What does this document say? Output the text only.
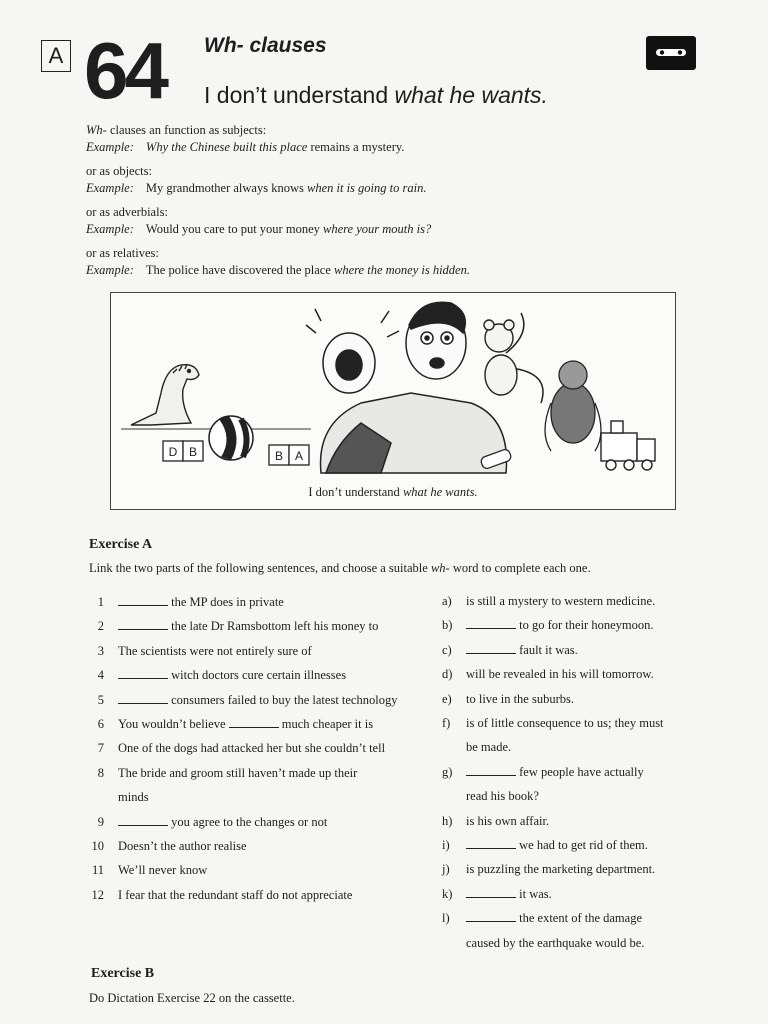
A 64 Wh- clauses
I don’t understand what he wants.
Wh- clauses an function as subjects:
Example: Why the Chinese built this place remains a mystery.
or as objects:
Example: My grandmother always knows when it is going to rain.
or as adverbials:
Example: Would you care to put your money where your mouth is?
or as relatives:
Example: The police have discovered the place where the money is hidden.
D B	B A
I don’t understand what he wants.
Exercise A
Link the two parts of the following sentences, and choose a suitable wh- word to complete each one.
1	the MP does in private
2	the late Dr Ramsbottom left his money to
3 The scientists were not entirely sure of
4	witch doctors cure certain illnesses
5	consumers failed to buy the latest technology
6 You wouldn’t believe	much cheaper it is
7 One of the dogs had attacked her but she couldn’t tell
8 The bride and groom still haven’t made up their
minds
9	you agree to the changes or not
10 Doesn’t the author realise
11 We’ll never know
12 I fear that the redundant staff do not appreciate
a) is still a mystery to western medicine.
b)	to go for their honeymoon.
c)	fault it was.
d) will be revealed in his will tomorrow.
e) to live in the suburbs.
f) is of little consequence to us; they must
be made.
g)	few people have actually
read his book?
h) is his own affair.
i)	we had to get rid of them.
j) is puzzling the marketing department.
k)	it was.
l)	the extent of the damage
caused by the earthquake would be.
Exercise B
Do Dictation Exercise 22 on the cassette.
